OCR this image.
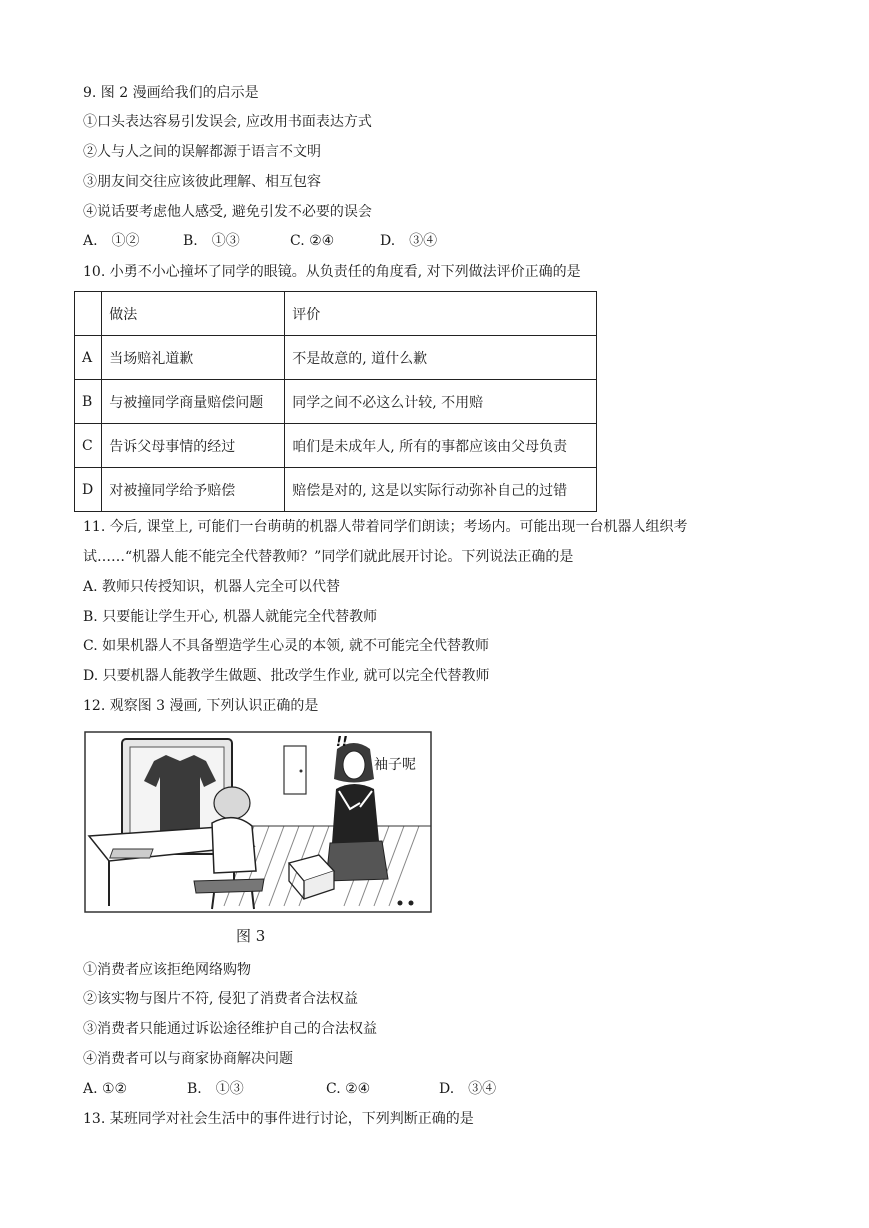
9. 图 2 漫画给我们的启示是
①口头表达容易引发误会, 应改用书面表达方式
②人与人之间的误解都源于语言不文明
③朋友间交往应该彼此理解、相互包容
④说话要考虑他人感受, 避免引发不必要的误会
A.　①②	B.　①③	C. ②④	D.　③④
10. 小勇不小心撞坏了同学的眼镜。从负责任的角度看, 对下列做法评价正确的是
	做法	评价
A	当场赔礼道歉	不是故意的, 道什么歉
B	与被撞同学商量赔偿问题	同学之间不必这么计较, 不用赔
C	告诉父母事情的经过	咱们是未成年人, 所有的事都应该由父母负责
D	对被撞同学给予赔偿	赔偿是对的, 这是以实际行动弥补自己的过错
11. 今后, 课堂上, 可能们一台萌萌的机器人带着同学们朗读；考场内。可能出现一台机器人组织考
试……“机器人能不能完全代替教师？”同学们就此展开讨论。下列说法正确的是
A. 教师只传授知识，机器人完全可以代替
B. 只要能让学生开心, 机器人就能完全代替教师
C. 如果机器人不具备塑造学生心灵的本领, 就不可能完全代替教师
D. 只要机器人能教学生做题、批改学生作业, 就可以完全代替教师
12. 观察图 3 漫画, 下列认识正确的是
!!
袖子呢
图 3
①消费者应该拒绝网络购物
②该实物与图片不符, 侵犯了消费者合法权益
③消费者只能通过诉讼途径维护自己的合法权益
④消费者可以与商家协商解决问题
A. ①②	B.　①③	C. ②④	D.　③④
13. 某班同学对社会生活中的事件进行讨论，下列判断正确的是
